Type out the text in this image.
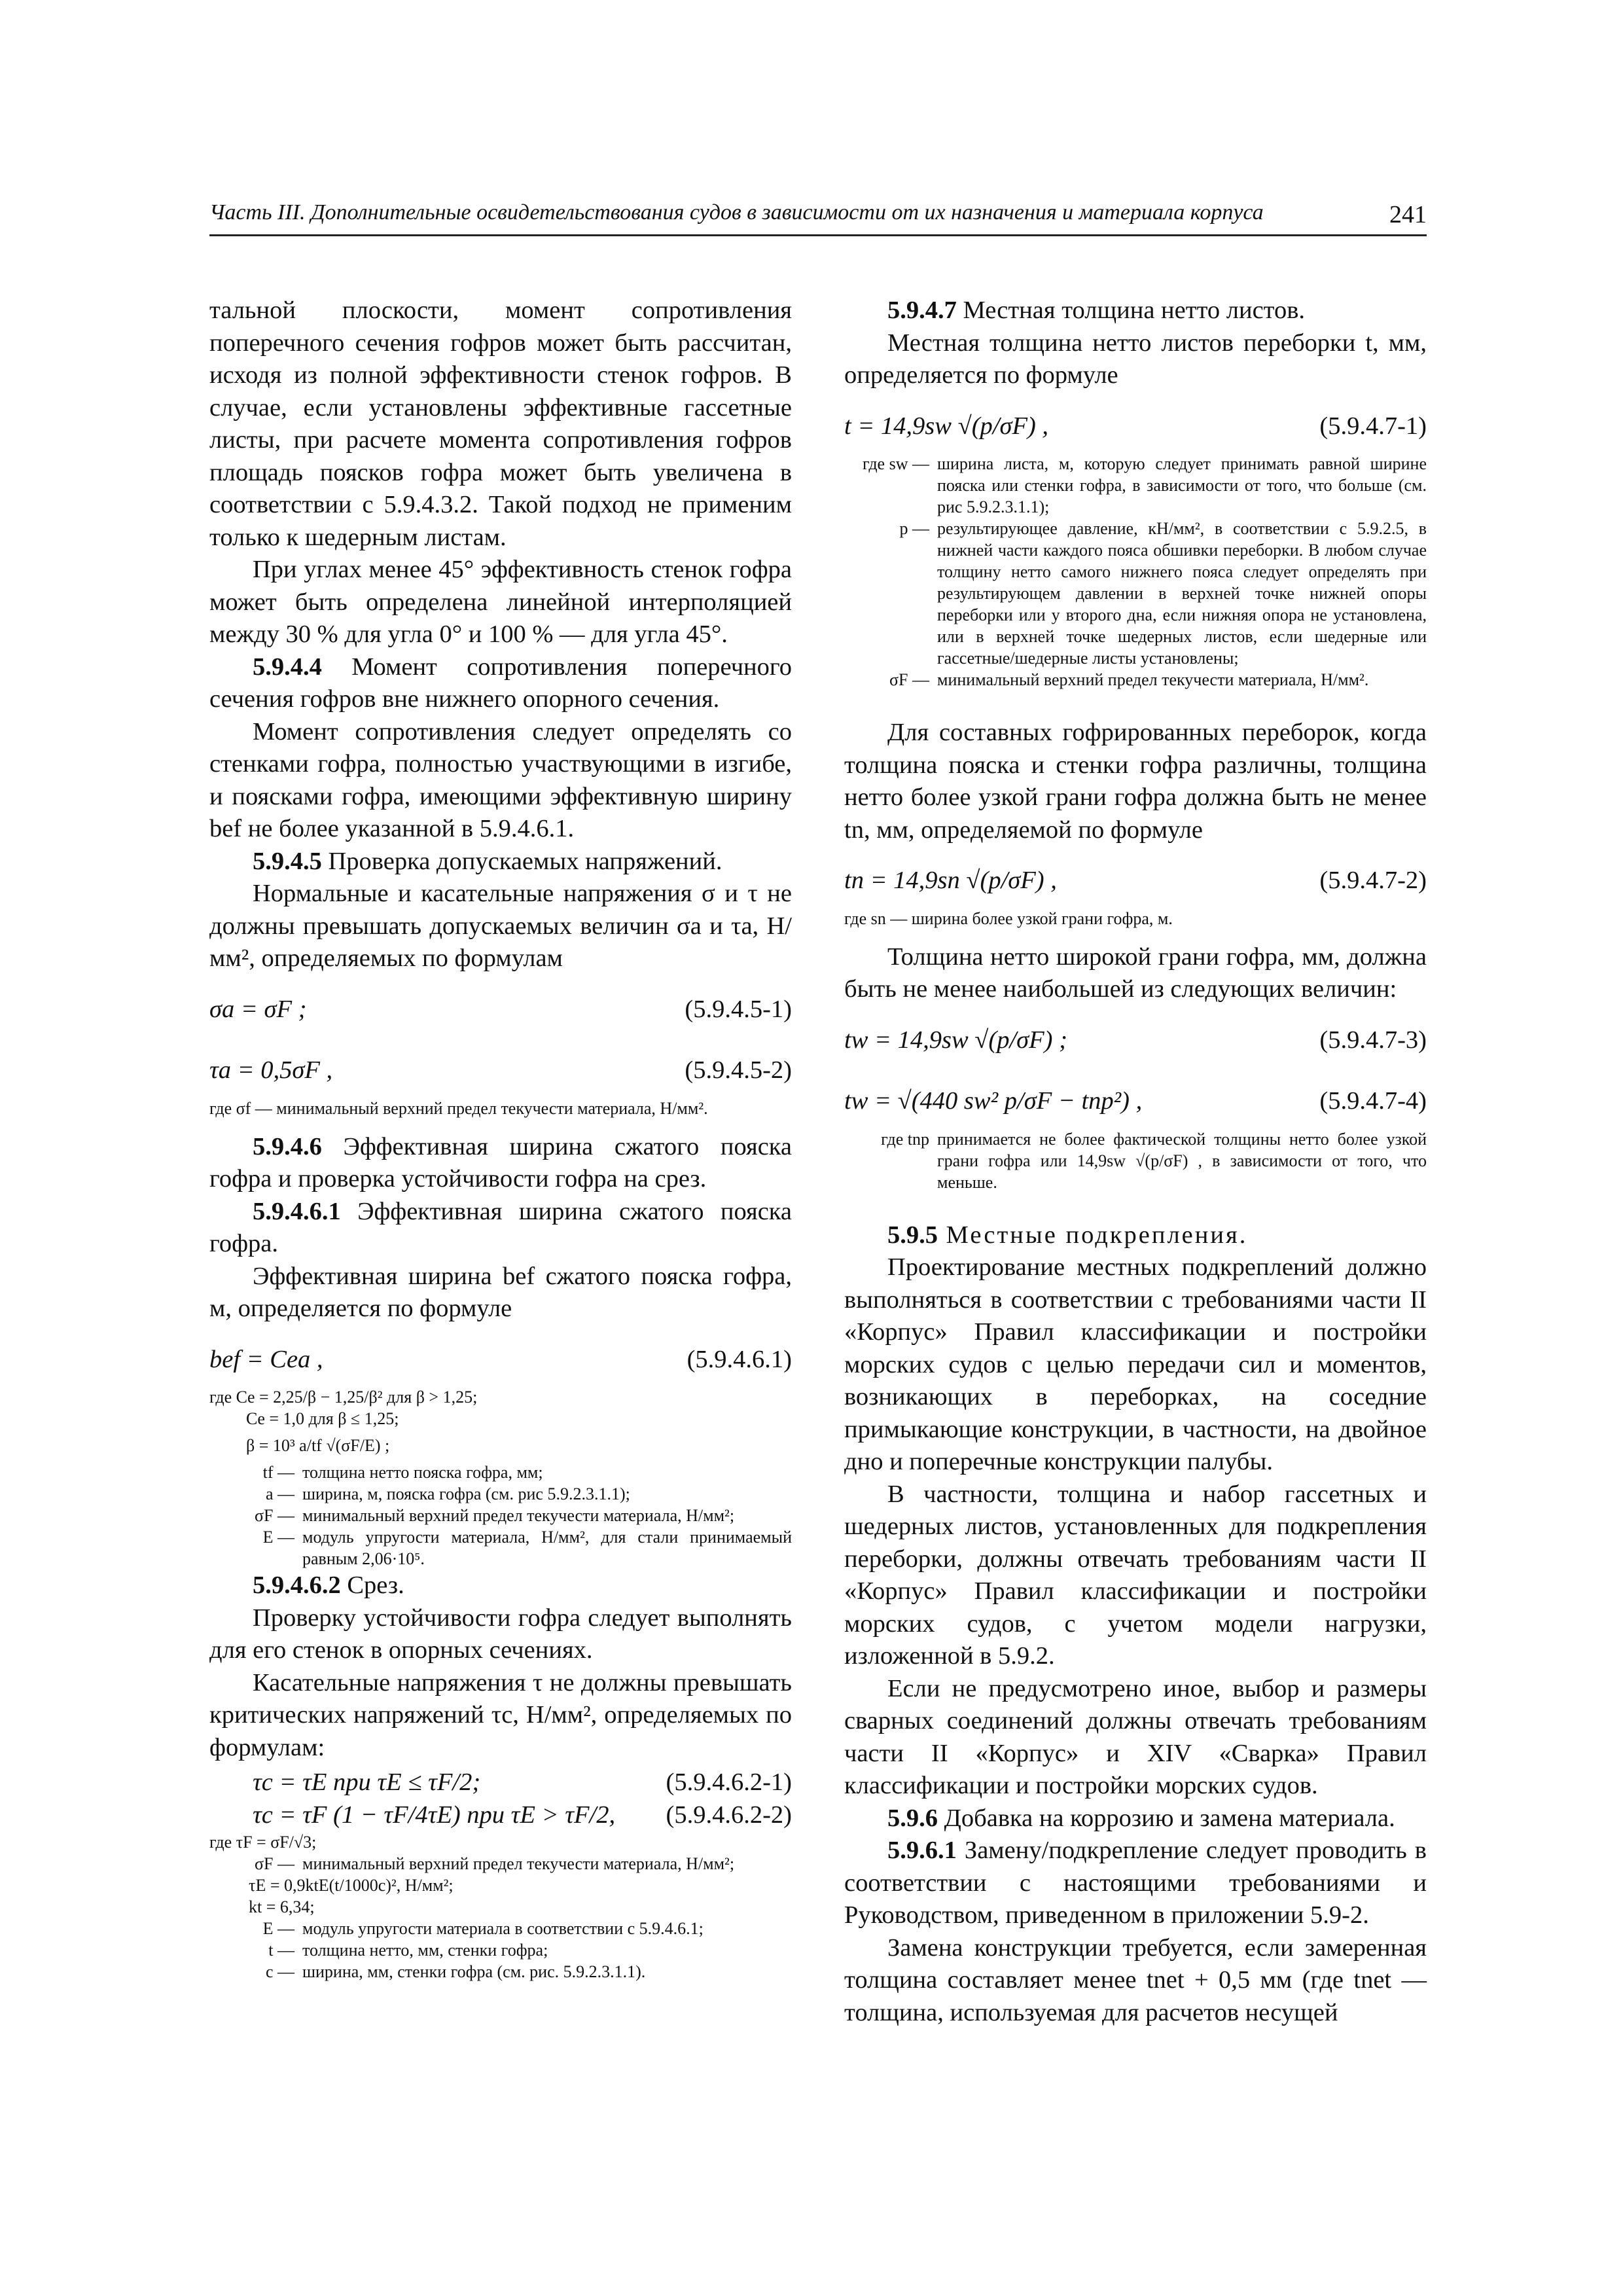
Часть III. Дополнительные освидетельствования судов в зависимости от их назначения и материала корпуса	241

тальной плоскости, момент сопротивления поперечного сечения гофров может быть рассчитан, исходя из полной эффективности стенок гофров. В случае, если установлены эффективные гассетные листы, при расчете момента сопротивления гофров площадь поясков гофра может быть увеличена в соответствии с 5.9.4.3.2. Такой подход не применим только к шедерным листам.

При углах менее 45° эффективность стенок гофра может быть определена линейной интерполяцией между 30 % для угла 0° и 100 % — для угла 45°.

5.9.4.4 Момент сопротивления поперечного сечения гофров вне нижнего опорного сечения.

Момент сопротивления следует определять со стенками гофра, полностью участвующими в изгибе, и поясками гофра, имеющими эффективную ширину bef не более указанной в 5.9.4.6.1.

5.9.4.5 Проверка допускаемых напряжений.

Нормальные и касательные напряжения σ и τ не должны превышать допускаемых величин σa и τa, Н/мм², определяемых по формулам

σa = σF ;	(5.9.4.5-1)
τa = 0,5σF ,	(5.9.4.5-2)

где σf — минимальный верхний предел текучести материала, Н/мм².

5.9.4.6 Эффективная ширина сжатого пояска гофра и проверка устойчивости гофра на срез.

5.9.4.6.1 Эффективная ширина сжатого пояска гофра.

Эффективная ширина bef сжатого пояска гофра, м, определяется по формуле

bef = Cea ,	(5.9.4.6.1)

где Ce = 2,25/β − 1,25/β² для β > 1,25;

Ce = 1,0 для β ≤ 1,25;

β = 10³ a/tf √(σF/E) ;

tf — толщина нетто пояска гофра, мм;
a — ширина, м, пояска гофра (см. рис 5.9.2.3.1.1);
σF — минимальный верхний предел текучести материала, Н/мм²;
E — модуль упругости материала, Н/мм², для стали принимаемый равным 2,06·10⁵.

5.9.4.6.2 Срез.

Проверку устойчивости гофра следует выполнять для его стенок в опорных сечениях.

Касательные напряжения τ не должны превышать критических напряжений τc, Н/мм², определяемых по формулам:

τc = τE при τE ≤ τF/2;	(5.9.4.6.2-1)
τc = τF (1 − τF/4τE) при τE > τF/2, (5.9.4.6.2-2)

где τF = σF/√3;

σF — минимальный верхний предел текучести материала, Н/мм²;

τE = 0,9ktE(t/1000c)², Н/мм²;

kt = 6,34;

E — модуль упругости материала в соответствии с 5.9.4.6.1;
t — толщина нетто, мм, стенки гофра;
c — ширина, мм, стенки гофра (см. рис. 5.9.2.3.1.1).

5.9.4.7 Местная толщина нетто листов.

Местная толщина нетто листов переборки t, мм, определяется по формуле

t = 14,9sw √(p/σF) ,	(5.9.4.7-1)
где sw — ширина листа, м, которую следует принимать равной ширине пояска или стенки гофра, в зависимости от того, что больше (см. рис 5.9.2.3.1.1);
p — результирующее давление, кН/мм², в соответствии с 5.9.2.5, в нижней части каждого пояса обшивки переборки. В любом случае толщину нетто самого нижнего пояса следует определять при результирующем давлении в верхней точке нижней опоры переборки или у второго дна, если нижняя опора не установлена, или в верхней точке шедерных листов, если шедерные или гассетные/шедерные листы установлены;
σF — минимальный верхний предел текучести материала, Н/мм².

Для составных гофрированных переборок, когда толщина пояска и стенки гофра различны, толщина нетто более узкой грани гофра должна быть не менее tn, мм, определяемой по формуле

tn = 14,9sn √(p/σF) ,	(5.9.4.7-2)

где sn — ширина более узкой грани гофра, м.

Толщина нетто широкой грани гофра, мм, должна быть не менее наибольшей из следующих величин:

tw = 14,9sw √(p/σF) ;	(5.9.4.7-3)
tw = √(440 sw² p/σF − tnp²) ,	(5.9.4.7-4)
где tnp принимается не более фактической толщины нетто более узкой грани гофра или 14,9sw √(p/σF) , в зависимости от того, что меньше.

5.9.5 Местные подкрепления.

Проектирование местных подкреплений должно выполняться в соответствии с требованиями части II «Корпус» Правил классификации и постройки морских судов с целью передачи сил и моментов, возникающих в переборках, на соседние примыкающие конструкции, в частности, на двойное дно и поперечные конструкции палубы.

В частности, толщина и набор гассетных и шедерных листов, установленных для подкрепления переборки, должны отвечать требованиям части II «Корпус» Правил классификации и постройки морских судов, с учетом модели нагрузки, изложенной в 5.9.2.

Если не предусмотрено иное, выбор и размеры сварных соединений должны отвечать требованиям части II «Корпус» и XIV «Сварка» Правил классификации и постройки морских судов.

5.9.6 Добавка на коррозию и замена материала.

5.9.6.1 Замену/подкрепление следует проводить в соответствии с настоящими требованиями и Руководством, приведенном в приложении 5.9-2.

Замена конструкции требуется, если замеренная толщина составляет менее tnet + 0,5 мм (где tnet — толщина, используемая для расчетов несущей
